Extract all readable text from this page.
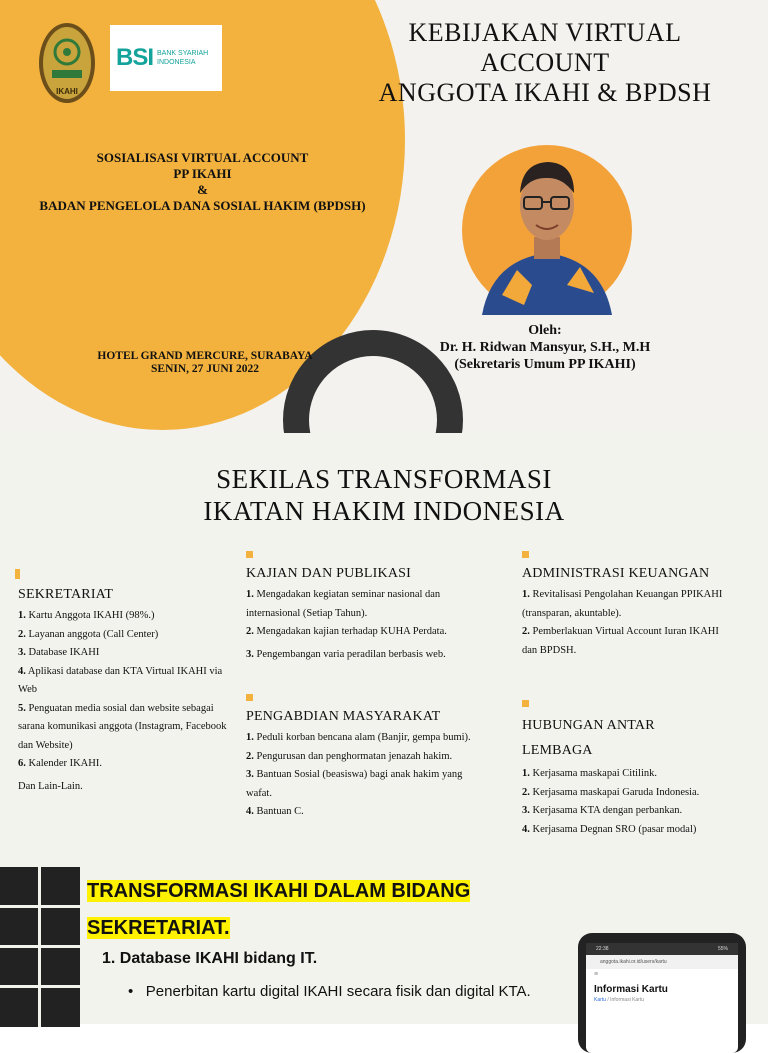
IKAHI
BSI BANK SYARIAH
INDONESIA
KEBIJAKAN VIRTUAL
ACCOUNT
ANGGOTA IKAHI & BPDSH
SOSIALISASI VIRTUAL ACCOUNT
PP IKAHI
&
BADAN PENGELOLA DANA SOSIAL HAKIM (BPDSH)
HOTEL GRAND MERCURE, SURABAYA
SENIN, 27 JUNI 2022
Oleh:
Dr. H. Ridwan Mansyur, S.H., M.H
(Sekretaris Umum PP IKAHI)
SEKILAS TRANSFORMASI
IKATAN HAKIM INDONESIA
SEKRETARIAT
1. Kartu Anggota IKAHI (98%.)
2. Layanan anggota (Call Center)
3. Database IKAHI
4. Aplikasi database dan KTA Virtual IKAHI via Web
5. Penguatan media sosial dan website sebagai sarana komunikasi anggota (Instagram, Facebook dan Website)
6. Kalender IKAHI.
Dan Lain-Lain.
KAJIAN DAN PUBLIKASI
1. Mengadakan kegiatan seminar nasional dan internasional (Setiap Tahun).
2. Mengadakan kajian terhadap KUHA Perdata.
3. Pengembangan varia peradilan berbasis web.
PENGABDIAN MASYARAKAT
1. Peduli korban bencana alam (Banjir, gempa bumi).
2. Pengurusan dan penghormatan jenazah hakim.
3. Bantuan Sosial (beasiswa) bagi anak hakim yang wafat.
4. Bantuan C.
ADMINISTRASI KEUANGAN
1. Revitalisasi Pengolahan Keuangan PPIKAHI (transparan, akuntable).
2. Pemberlakuan Virtual Account Iuran IKAHI dan BPDSH.
HUBUNGAN ANTAR
LEMBAGA
1. Kerjasama maskapai Citilink.
2. Kerjasama maskapai Garuda Indonesia.
3. Kerjasama KTA dengan perbankan.
4. Kerjasama Degnan SRO (pasar modal)
TRANSFORMASI IKAHI DALAM BIDANG
SEKRETARIAT.
1. Database IKAHI bidang IT.
• Penerbitan kartu digital IKAHI secara fisik dan digital KTA.
22:38	55%
anggota.ikahi.or.id/users/kartu
≡
Informasi Kartu
Kartu / Informasi Kartu
